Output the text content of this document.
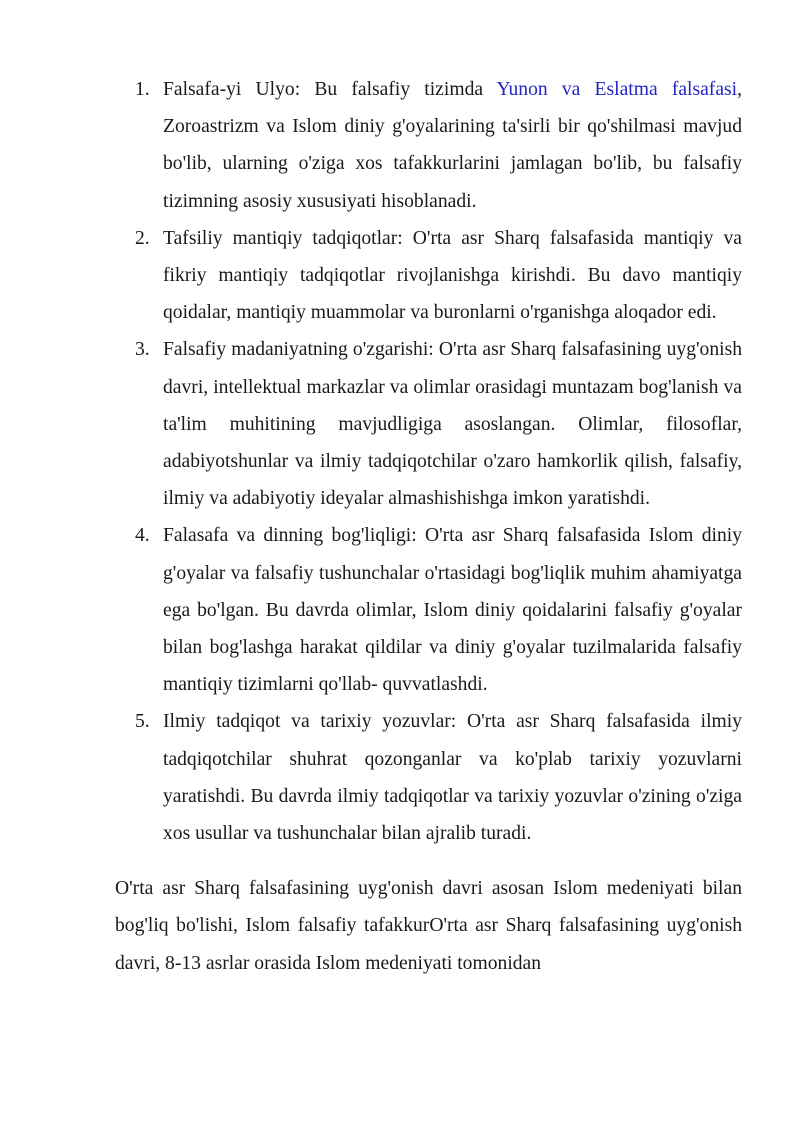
1. Falsafa-yi Ulyo: Bu falsafiy tizimda Yunon va Eslatma falsafasi, Zoroastrizm va Islom diniy g'oyalarining ta'sirli bir qo'shilmasi mavjud bo'lib, ularning o'ziga xos tafakkurlarini jamlagan bo'lib, bu falsafiy tizimning asosiy xususiyati hisoblanadi.
2. Tafsiliy mantiqiy tadqiqotlar: O'rta asr Sharq falsafasida mantiqiy va fikriy mantiqiy tadqiqotlar rivojlanishga kirishdi. Bu davo mantiqiy qoidalar, mantiqiy muammolar va buronlarni o'rganishga aloqador edi.
3. Falsafiy madaniyatning o'zgarishi: O'rta asr Sharq falsafasining uyg'onish davri, intellektual markazlar va olimlar orasidagi muntazam bog'lanish va ta'lim muhitining mavjudligiga asoslangan. Olimlar, filosoflar, adabiyotshunlar va ilmiy tadqiqotchilar o'zaro hamkorlik qilish, falsafiy, ilmiy va adabiyotiy ideyalar almashishishga imkon yaratishdi.
4. Falasafa va dinning bog'liqligi: O'rta asr Sharq falsafasida Islom diniy g'oyalar va falsafiy tushunchalar o'rtasidagi bog'liqlik muhim ahamiyatga ega bo'lgan. Bu davrda olimlar, Islom diniy qoidalarini falsafiy g'oyalar bilan bog'lashga harakat qildilar va diniy g'oyalar tuzilmalarida falsafiy mantiqiy tizimlarni qo'llab- quvvatlashdi.
5. Ilmiy tadqiqot va tarixiy yozuvlar: O'rta asr Sharq falsafasida ilmiy tadqiqotchilar shuhrat qozonganlar va ko'plab tarixiy yozuvlarni yaratishdi. Bu davrda ilmiy tadqiqotlar va tarixiy yozuvlar o'zining o'ziga xos usullar va tushunchalar bilan ajralib turadi.

O'rta asr Sharq falsafasining uyg'onish davri asosan Islom medeniyati bilan bog'liq bo'lishi, Islom falsafiy tafakkurO'rta asr Sharq falsafasining uyg'onish davri, 8-13 asrlar orasida Islom medeniyati tomonidan
